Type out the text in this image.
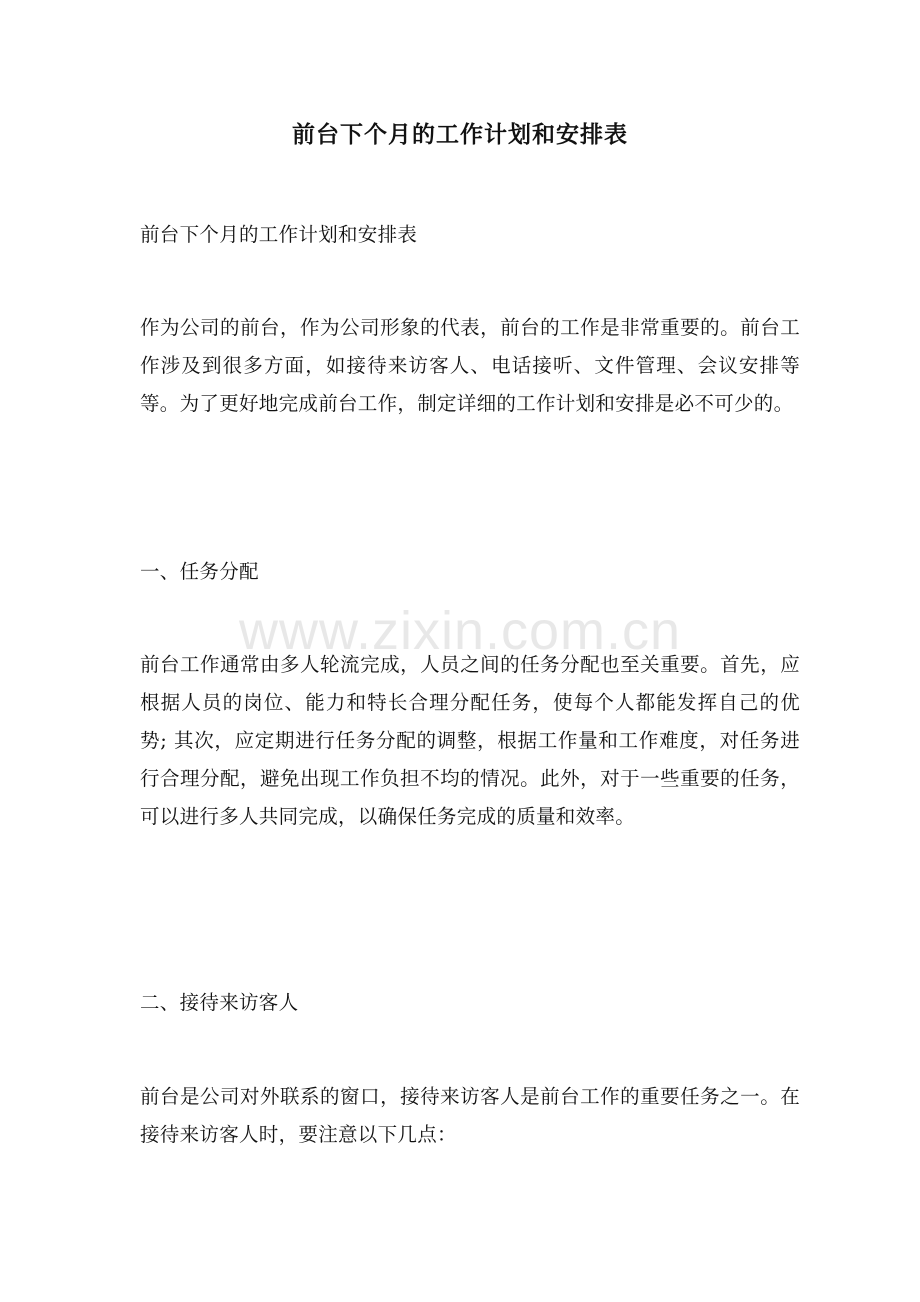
前台下个月的工作计划和安排表

前台下个月的工作计划和安排表

作为公司的前台，作为公司形象的代表，前台的工作是非常重要的。前台工作涉及到很多方面，如接待来访客人、电话接听、文件管理、会议安排等等。为了更好地完成前台工作，制定详细的工作计划和安排是必不可少的。

一、任务分配

前台工作通常由多人轮流完成，人员之间的任务分配也至关重要。首先，应根据人员的岗位、能力和特长合理分配任务，使每个人都能发挥自己的优势; 其次，应定期进行任务分配的调整，根据工作量和工作难度，对任务进行合理分配，避免出现工作负担不均的情况。此外，对于一些重要的任务，可以进行多人共同完成，以确保任务完成的质量和效率。

二、接待来访客人

前台是公司对外联系的窗口，接待来访客人是前台工作的重要任务之一。在接待来访客人时，要注意以下几点：

www.zixin.com.cn
